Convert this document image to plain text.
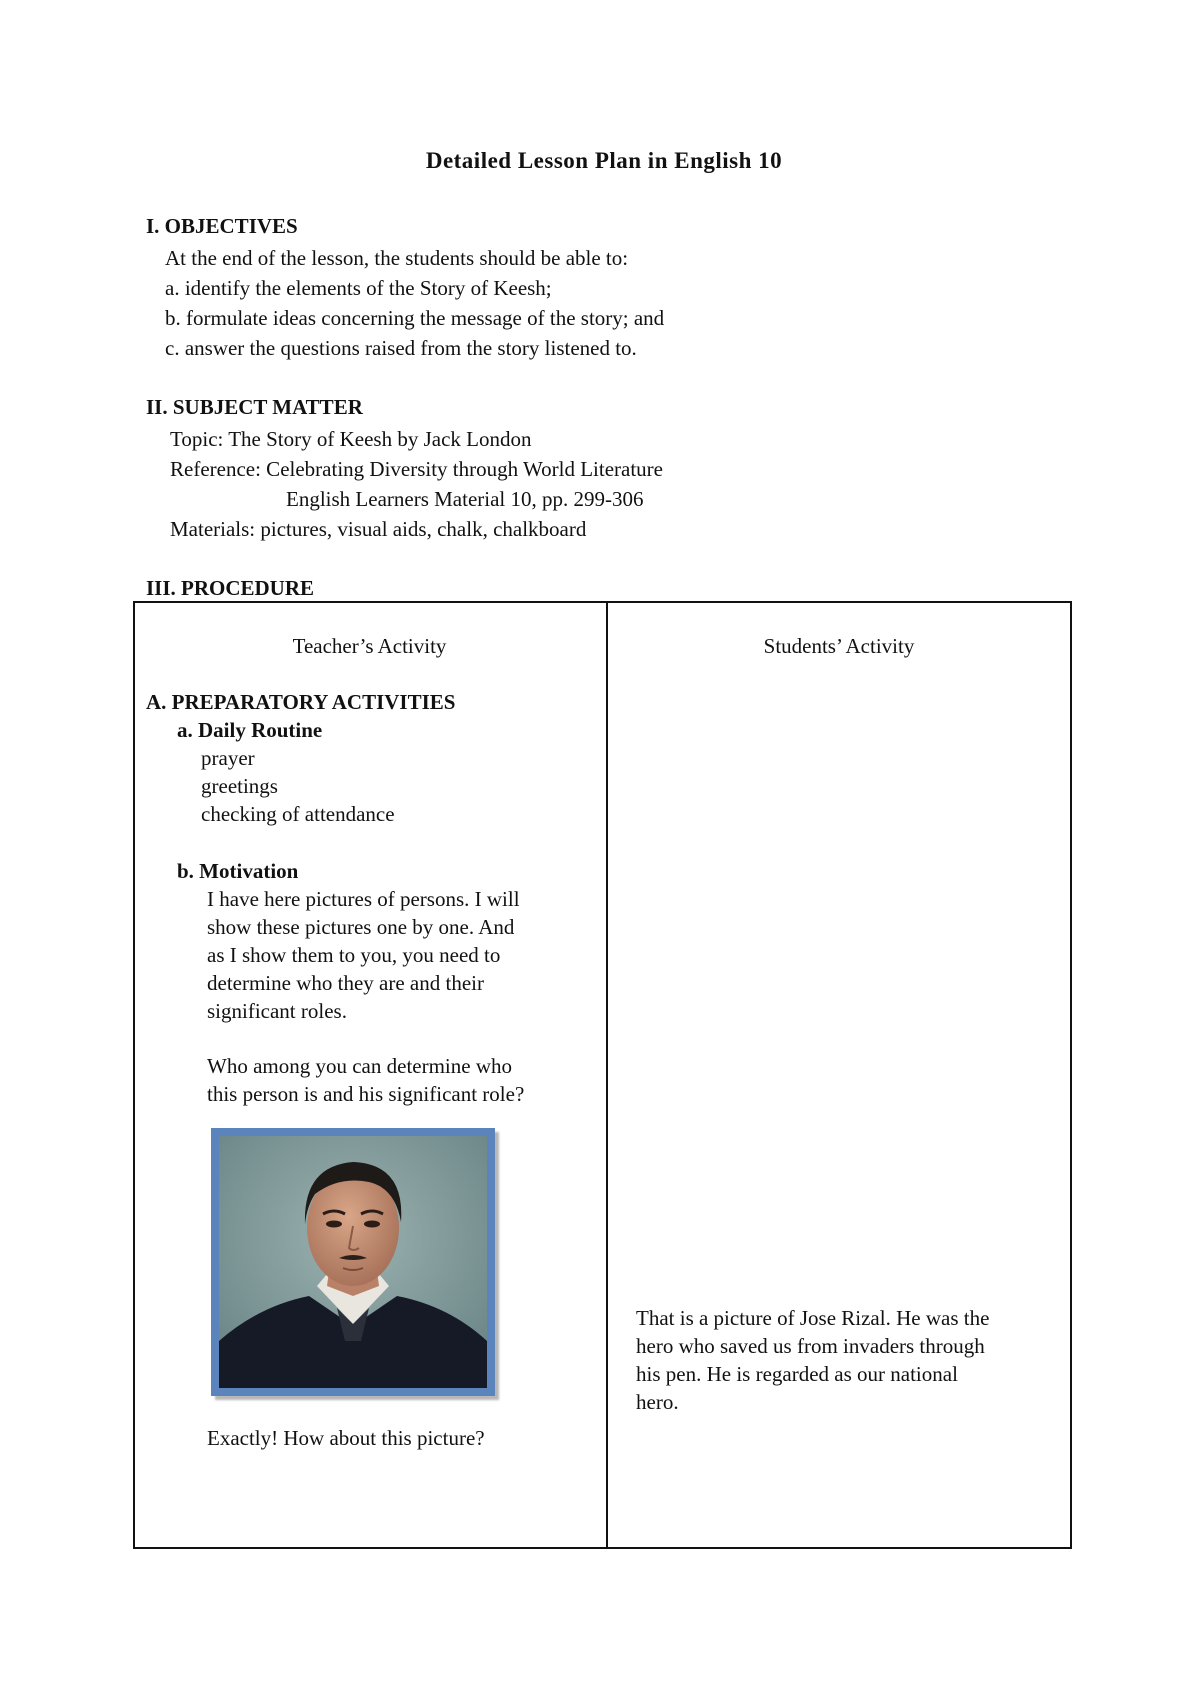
Detailed Lesson Plan in English 10
I. OBJECTIVES
At the end of the lesson, the students should be able to:
a. identify the elements of the Story of Keesh;
b. formulate ideas concerning the message of the story; and
c. answer the questions raised from the story listened to.
II. SUBJECT MATTER
Topic: The Story of Keesh by Jack London
Reference: Celebrating Diversity through World Literature
English Learners Material 10, pp. 299-306
Materials: pictures, visual aids, chalk, chalkboard
III. PROCEDURE
Teacher’s Activity	Students’ Activity
A. PREPARATORY ACTIVITIES
a. Daily Routine
prayer
greetings
checking of attendance
b. Motivation
I have here pictures of persons. I will
show these pictures one by one. And
as I show them to you, you need to
determine who they are and their
significant roles.
Who among you can determine who
this person is and his significant role?
Exactly! How about this picture?
That is a picture of Jose Rizal. He was the
hero who saved us from invaders through
his pen. He is regarded as our national
hero.
